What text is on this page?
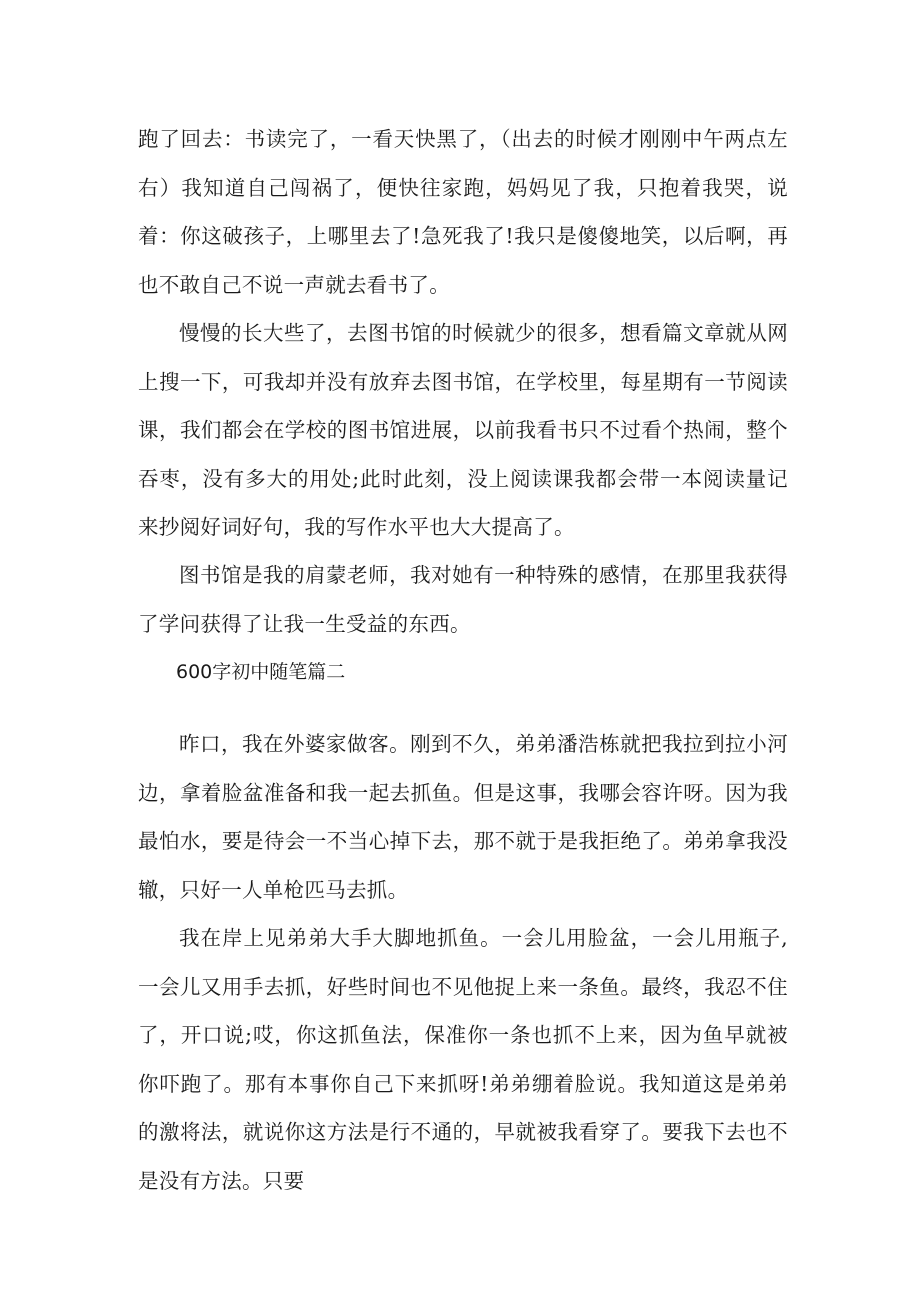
跑了回去：书读完了，一看天快黑了，（出去的时候才刚刚中午两点左右）我知道自己闯祸了，便快往家跑，妈妈见了我，只抱着我哭，说着：你这破孩子，上哪里去了!急死我了!我只是傻傻地笑，以后啊，再也不敢自己不说一声就去看书了。

慢慢的长大些了，去图书馆的时候就少的很多，想看篇文章就从网上搜一下，可我却并没有放弃去图书馆，在学校里，每星期有一节阅读课，我们都会在学校的图书馆进展，以前我看书只不过看个热闹，整个吞枣，没有多大的用处;此时此刻，没上阅读课我都会带一本阅读量记来抄阅好词好句，我的写作水平也大大提高了。

图书馆是我的肩蒙老师，我对她有一种特殊的感情，在那里我获得了学问获得了让我一生受益的东西。

600字初中随笔篇二

昨口，我在外婆家做客。刚到不久，弟弟潘浩栋就把我拉到拉小河边，拿着脸盆准备和我一起去抓鱼。但是这事，我哪会容许呀。因为我最怕水，要是待会一不当心掉下去，那不就于是我拒绝了。弟弟拿我没辙，只好一人单枪匹马去抓。

我在岸上见弟弟大手大脚地抓鱼。一会儿用脸盆，一会儿用瓶子,一会儿又用手去抓，好些时间也不见他捉上来一条鱼。最终，我忍不住了，开口说;哎，你这抓鱼法，保准你一条也抓不上来，因为鱼早就被你吓跑了。那有本事你自己下来抓呀!弟弟绷着脸说。我知道这是弟弟的激将法，就说你这方法是行不通的，早就被我看穿了。要我下去也不是没有方法。只要
